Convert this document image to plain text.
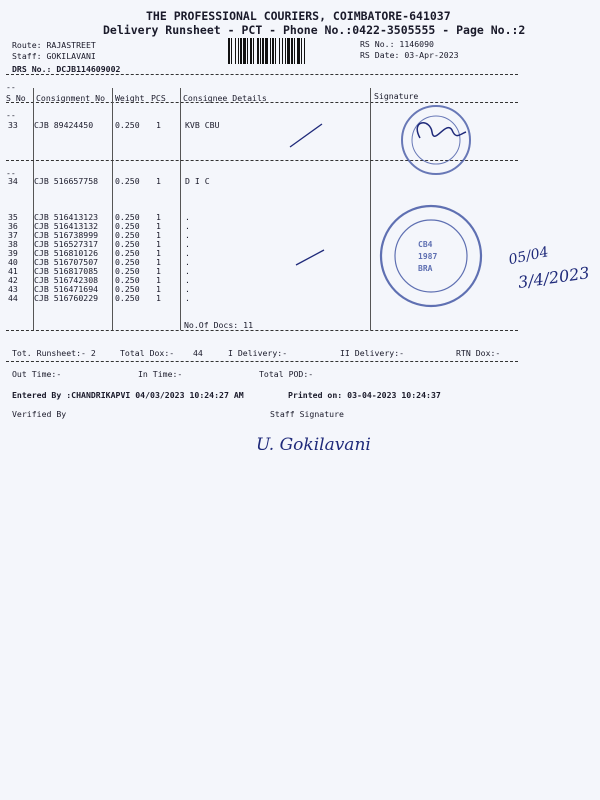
THE PROFESSIONAL COURIERS, COIMBATORE-641037
Delivery Runsheet - PCT - Phone No.:0422-3505555 - Page No.:2
Route: RAJASTREET
Staff: GOKILAVANI
DRS No.: DCJB114609002
RS No.: 1146090
RS Date: 03-Apr-2023
--
S No Consignment No Weight PCS Consignee Details	Signature
--
33 CJB 89424450	0.250 1	KVB CBU
--
34 CJB 516657758 0.250 1	D I C
35 CJB 516413123 0.250 1	.
36 CJB 516413132 0.250 1	.
37 CJB 516738999 0.250 1	.
38 CJB 516527317 0.250 1	.
39 CJB 516810126 0.250 1	.
40 CJB 516707507 0.250 1	.
41 CJB 516817085 0.250 1	.
42 CJB 516742308 0.250 1	.
43 CJB 516471694 0.250 1	.
44 CJB 516760229 0.250 1	.
No.Of Docs: 11
Tot. Runsheet:- 2	Total Dox:- 44	I Delivery:-	II Delivery:-	RTN Dox:-
Out Time:-	In Time:-	Total POD:-
Entered By :CHANDRIKAPVI 04/03/2023 10:24:27 AM	Printed on: 03-04-2023 10:24:37
Verified By	Staff Signature
CB4
1987
BRA
05/04
3/4/2023
U. Gokilavani
